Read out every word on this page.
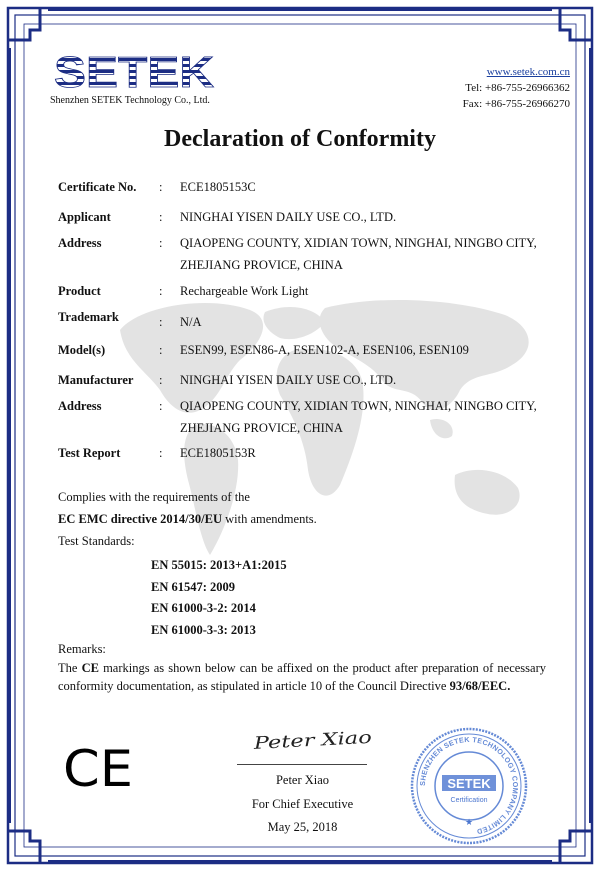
SETEK
Shenzhen SETEK Technology Co., Ltd.
www.setek.com.cn
Tel: +86-755-26966362
Fax: +86-755-26966270
Declaration of Conformity
Certificate No. : ECE1805153C
Applicant	: NINGHAI YISEN DAILY USE CO., LTD.
Address	: QIAOPENG COUNTY, XIDIAN TOWN, NINGHAI, NINGBO CITY, ZHEJIANG PROVICE, CHINA
Product	: Rechargeable Work Light
Trademark	: N/A
Model(s)	: ESEN99, ESEN86-A, ESEN102-A, ESEN106, ESEN109
Manufacturer : NINGHAI YISEN DAILY USE CO., LTD.
Address	: QIAOPENG COUNTY, XIDIAN TOWN, NINGHAI, NINGBO CITY, ZHEJIANG PROVICE, CHINA
Test Report	: ECE1805153R
Complies with the requirements of the
EC EMC directive 2014/30/EU with amendments.
Test Standards:
EN 55015: 2013+A1:2015
EN 61547: 2009
EN 61000-3-2: 2014
EN 61000-3-3: 2013
Remarks:
The CE markings as shown below can be affixed on the product after preparation of necessary conformity documentation, as stipulated in article 10 of the Council Directive 93/68/EEC.
CE	Peter Xiao
Peter Xiao
For Chief Executive
May 25, 2018
SHENZHEN SETEK TECHNOLOGY COMPANY LIMITED
SETEK
Certification
★
